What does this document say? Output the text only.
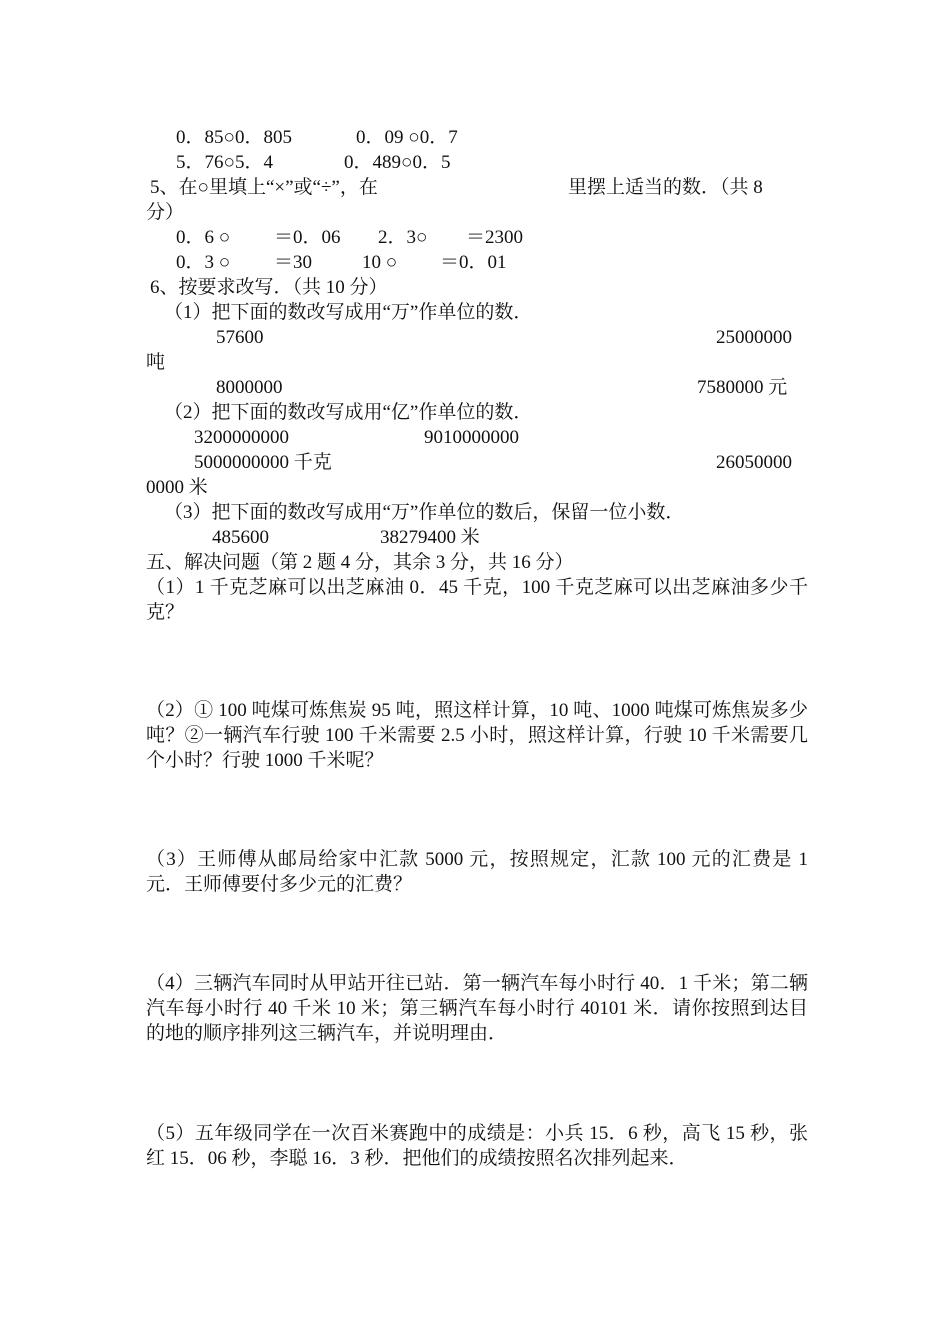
0．85○0．805	0．09 ○0．7
5．76○5．4	0．489○0．5
5、在○里填上“×”或“÷”，在	里摆上适当的数．（共 8
分）
0．6 ○ ＝0．06 2．3○ ＝2300
0．3 ○ ＝30	10 ○ ＝0．01
6、按要求改写．（共 10 分）
（1）把下面的数改写成用“万”作单位的数．
57600	25000000
吨
8000000	7580000 元
（2）把下面的数改写成用“亿”作单位的数．
3200000000	9010000000
5000000000 千克	26050000
0000 米
（3）把下面的数改写成用“万”作单位的数后，保留一位小数．
485600	38279400 米
五、解决问题（第 2 题 4 分，其余 3 分，共 16 分）
（1）1 千克芝麻可以出芝麻油 0．45 千克，100 千克芝麻可以出芝麻油多少千克？
（2）① 100 吨煤可炼焦炭 95 吨，照这样计算，10 吨、1000 吨煤可炼焦炭多少吨？②一辆汽车行驶 100 千米需要 2.5 小时，照这样计算，行驶 10 千米需要几个小时？行驶 1000 千米呢？
（3）王师傅从邮局给家中汇款 5000 元，按照规定，汇款 100 元的汇费是 1 元．王师傅要付多少元的汇费？
（4）三辆汽车同时从甲站开往已站．第一辆汽车每小时行 40．1 千米；第二辆汽车每小时行 40 千米 10 米；第三辆汽车每小时行 40101 米．请你按照到达目的地的顺序排列这三辆汽车，并说明理由．
（5）五年级同学在一次百米赛跑中的成绩是：小兵 15．6 秒，高飞 15 秒，张红 15．06 秒，李聪 16．3 秒．把他们的成绩按照名次排列起来．
